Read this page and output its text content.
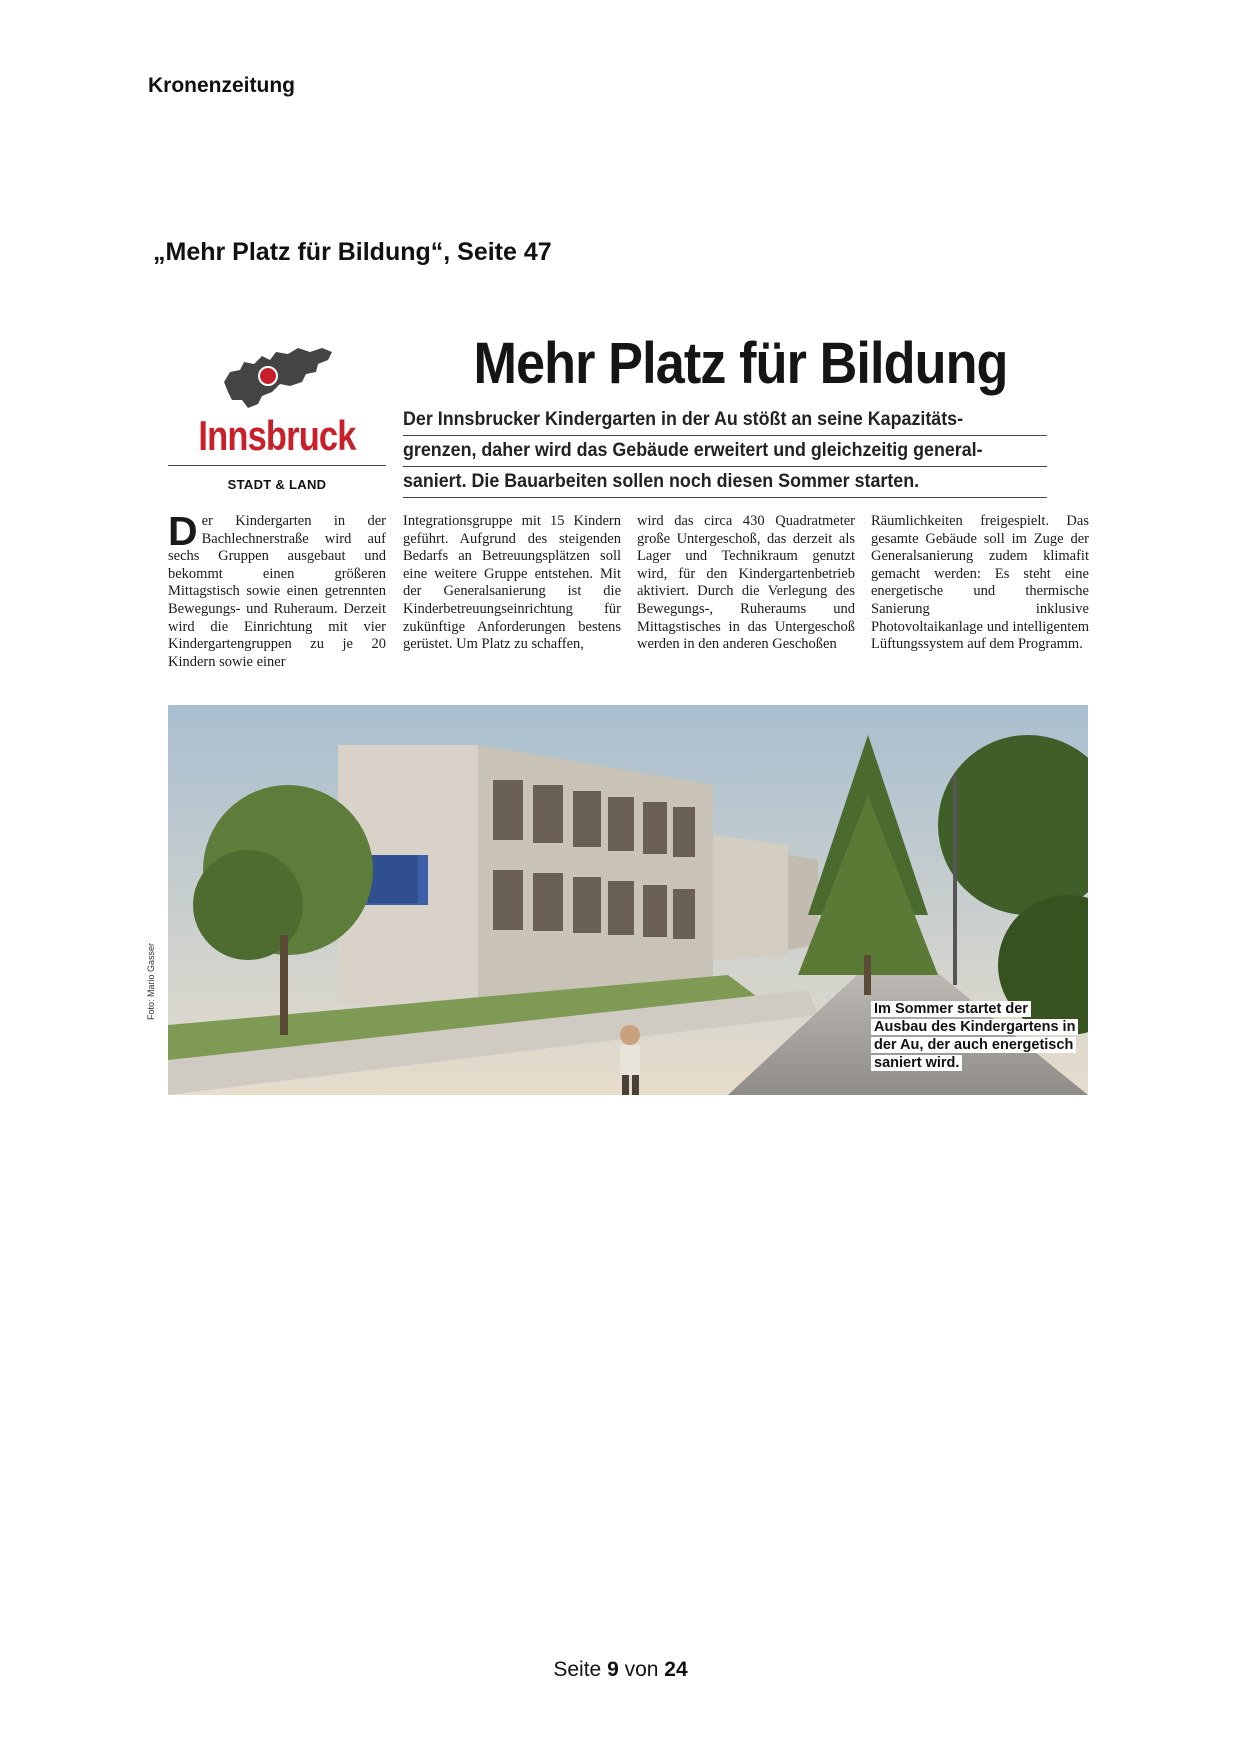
Kronenzeitung
„Mehr Platz für Bildung“, Seite 47
Innsbruck
STADT & LAND
Mehr Platz für Bildung
Der Innsbrucker Kindergarten in der Au stößt an seine Kapazitäts-
grenzen, daher wird das Gebäude erweitert und gleichzeitig general-
saniert. Die Bauarbeiten sollen noch diesen Sommer starten.
Der Kindergarten in der Bachlechnerstraße wird auf sechs Gruppen ausgebaut und bekommt einen größeren Mittagstisch sowie einen getrennten Bewegungs- und Ruheraum. Derzeit wird die Einrichtung mit vier Kindergartengruppen zu je 20 Kindern sowie einer
Integrationsgruppe mit 15 Kindern geführt. Aufgrund des steigenden Bedarfs an Betreuungsplätzen soll eine weitere Gruppe entstehen. Mit der Generalsanierung ist die Kinderbetreuungseinrichtung für zukünftige Anforderungen bestens gerüstet. Um Platz zu schaffen,
wird das circa 430 Quadratmeter große Untergeschoß, das derzeit als Lager und Technikraum genutzt wird, für den Kindergartenbetrieb aktiviert. Durch die Verlegung des Bewegungs-, Ruheraums und Mittagstisches in das Untergeschoß werden in den anderen Geschoßen
Räumlichkeiten freigespielt. Das gesamte Gebäude soll im Zuge der Generalsanierung zudem klimafit gemacht werden: Es steht eine energetische und thermische Sanierung inklusive Photovoltaikanlage und intelligentem Lüftungssystem auf dem Programm.
Im Sommer startet der Ausbau des Kindergartens in der Au, der auch energetisch saniert wird.
Foto: Mario Gasser
Seite 9 von 24
